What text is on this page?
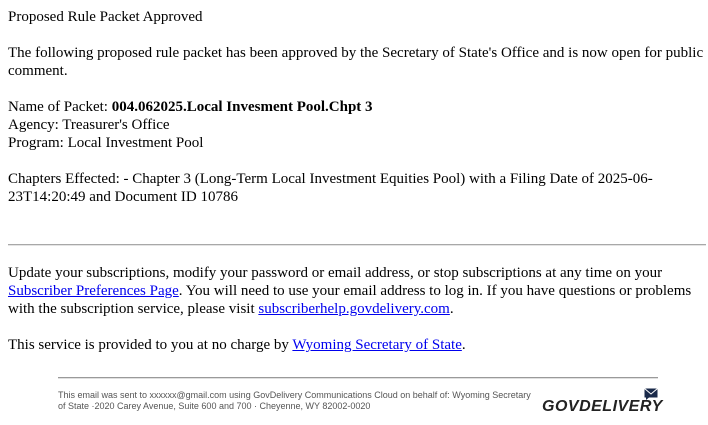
Proposed Rule Packet Approved

The following proposed rule packet has been approved by the Secretary of State's Office and is now open for public comment.

Name of Packet: 004.062025.Local Invesment Pool.Chpt 3
Agency: Treasurer's Office
Program: Local Investment Pool

Chapters Effected: - Chapter 3 (Long-Term Local Investment Equities Pool) with a Filing Date of 2025-06-23T14:20:49 and Document ID 10786

Update your subscriptions, modify your password or email address, or stop subscriptions at any time on your Subscriber Preferences Page. You will need to use your email address to log in. If you have questions or problems with the subscription service, please visit subscriberhelp.govdelivery.com.

This service is provided to you at no charge by Wyoming Secretary of State.

This email was sent to xxxxxx@gmail.com using GovDelivery Communications Cloud on behalf of: Wyoming Secretary of State ·2020 Carey Avenue, Suite 600 and 700 · Cheyenne, WY 82002-0020	GOVDELIVERY
